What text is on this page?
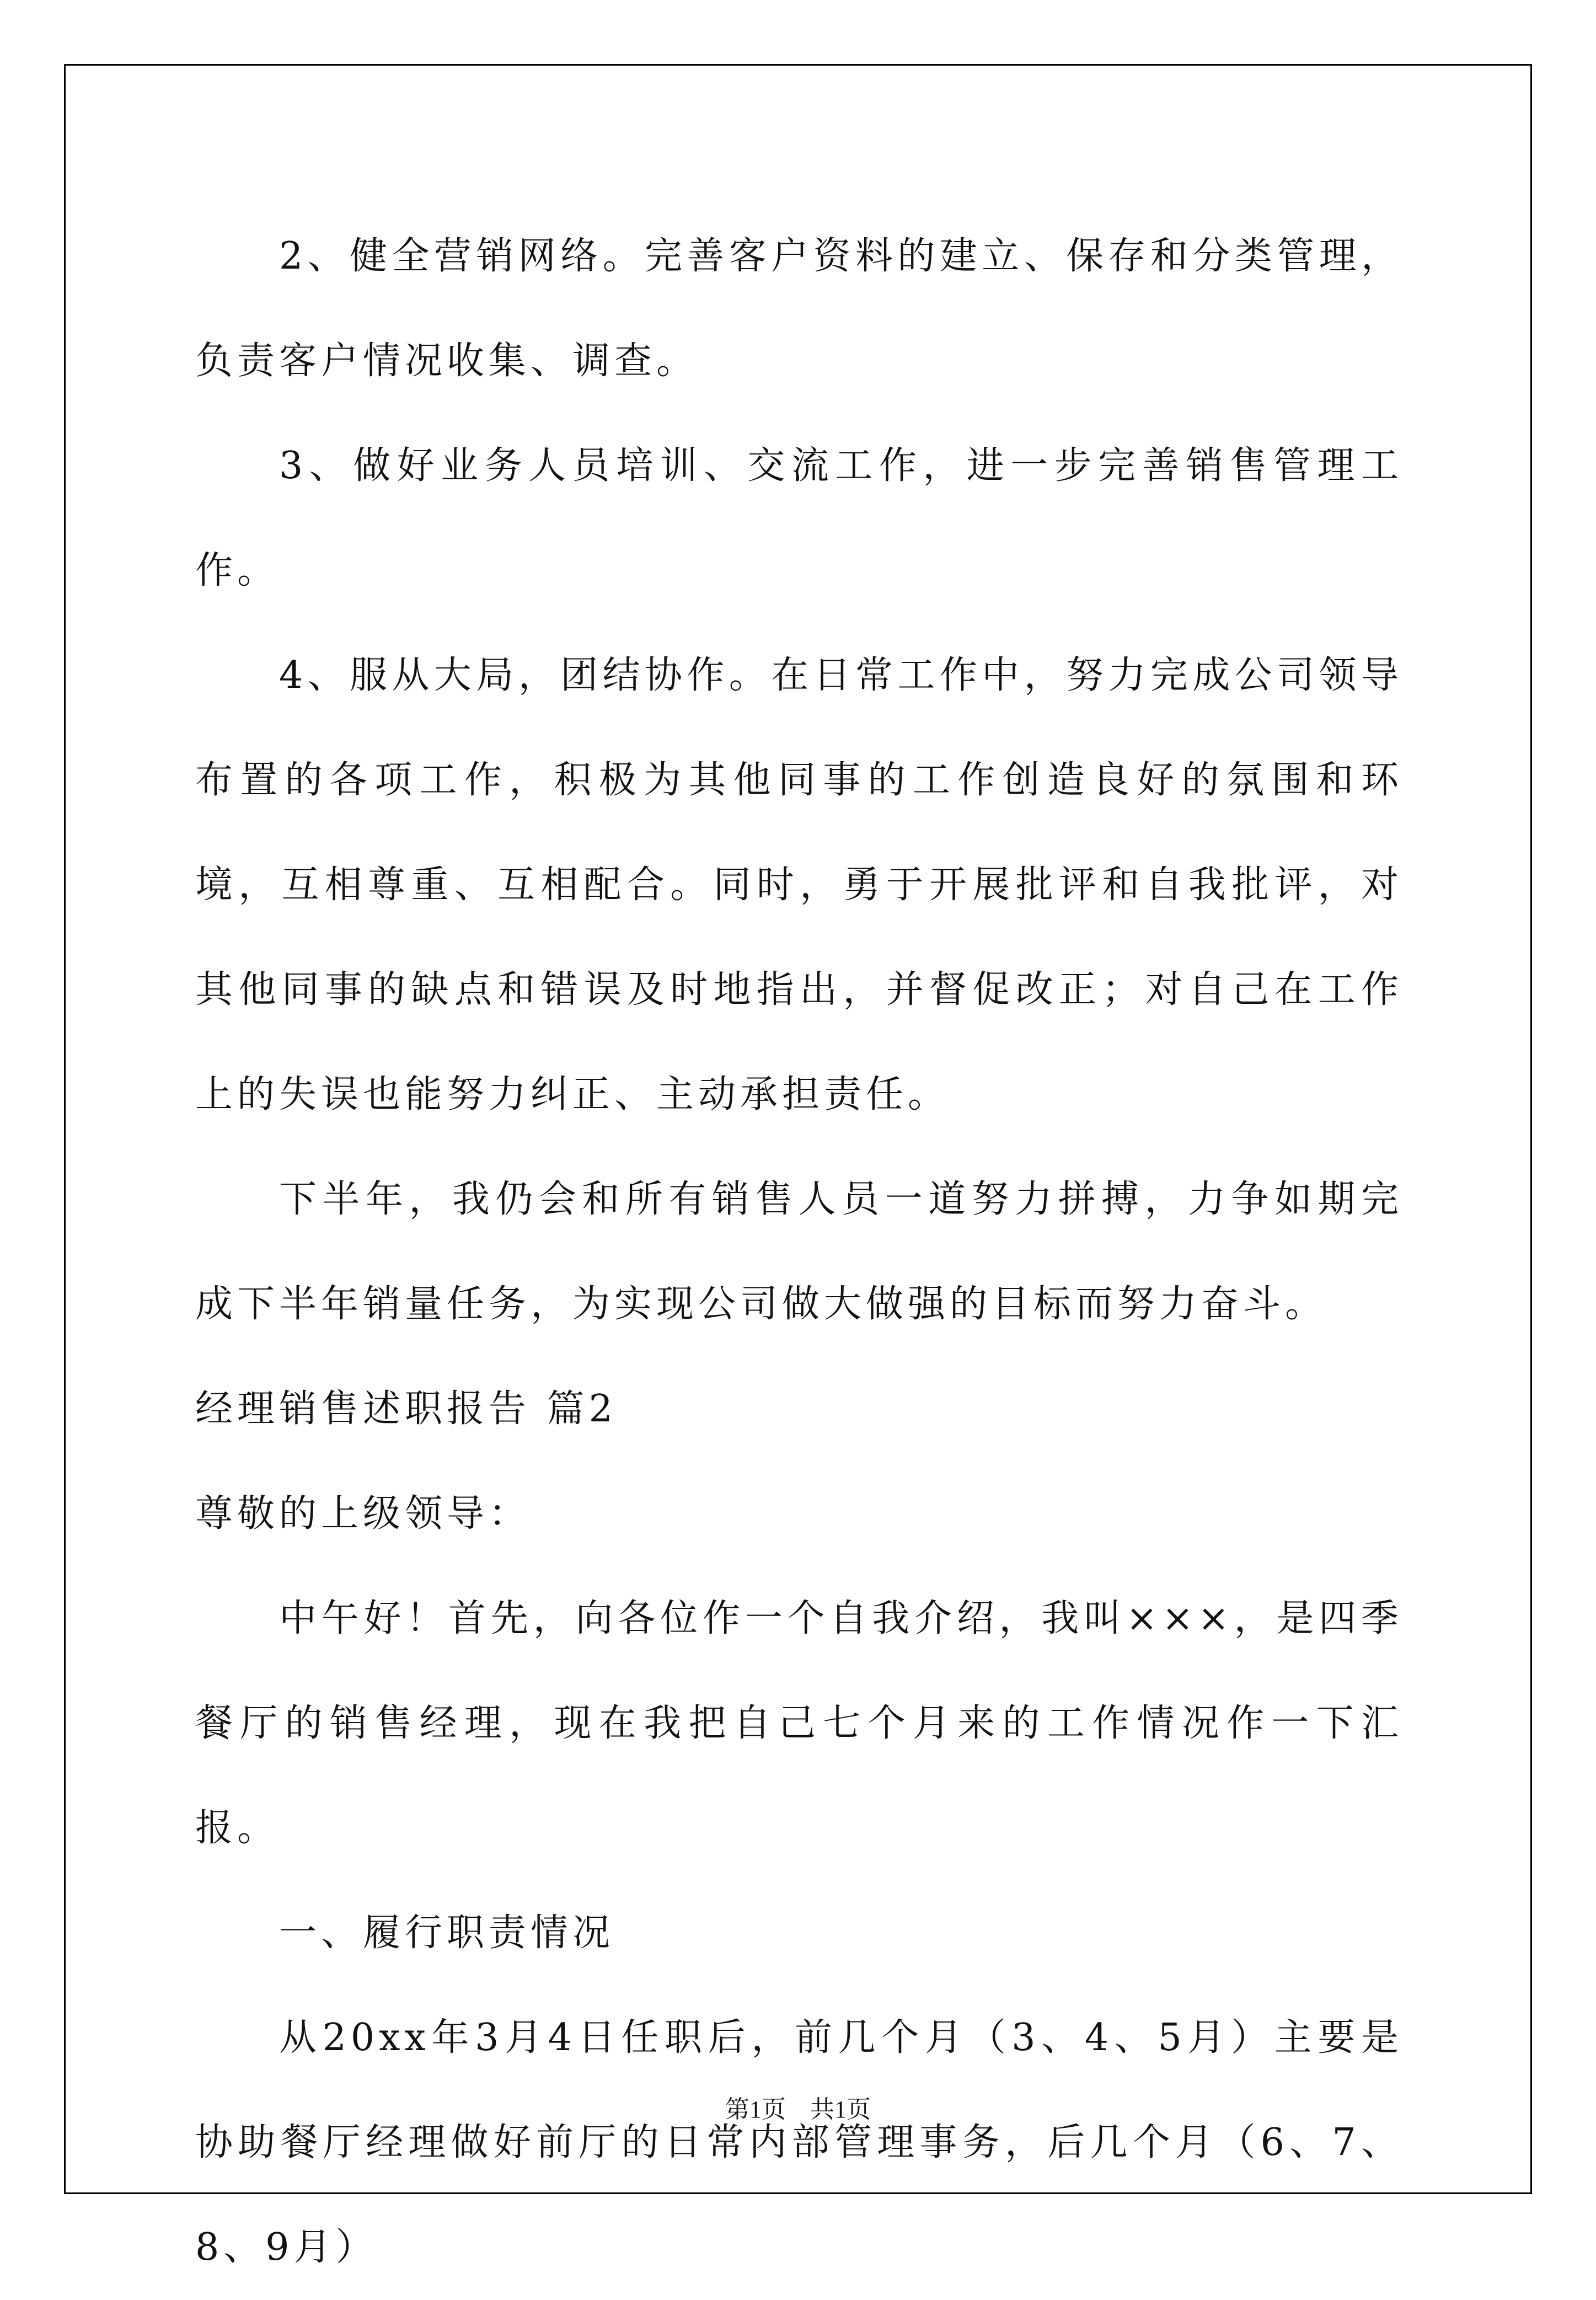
2、健全营销网络。完善客户资料的建立、保存和分类管理，负责客户情况收集、调查。

3、做好业务人员培训、交流工作，进一步完善销售管理工作。

4、服从大局，团结协作。在日常工作中，努力完成公司领导布置的各项工作，积极为其他同事的工作创造良好的氛围和环境，互相尊重、互相配合。同时，勇于开展批评和自我批评，对其他同事的缺点和错误及时地指出，并督促改正；对自己在工作上的失误也能努力纠正、主动承担责任。

下半年，我仍会和所有销售人员一道努力拼搏，力争如期完成下半年销量任务，为实现公司做大做强的目标而努力奋斗。

经理销售述职报告 篇2

尊敬的上级领导：

中午好！首先，向各位作一个自我介绍，我叫×××，是四季餐厅的销售经理，现在我把自己七个月来的工作情况作一下汇报。

一、履行职责情况

从20xx年3月4日任职后，前几个月（3、4、5月）主要是协助餐厅经理做好前厅的日常内部管理事务，后几个月（6、7、8、9月）

第1页　共1页
